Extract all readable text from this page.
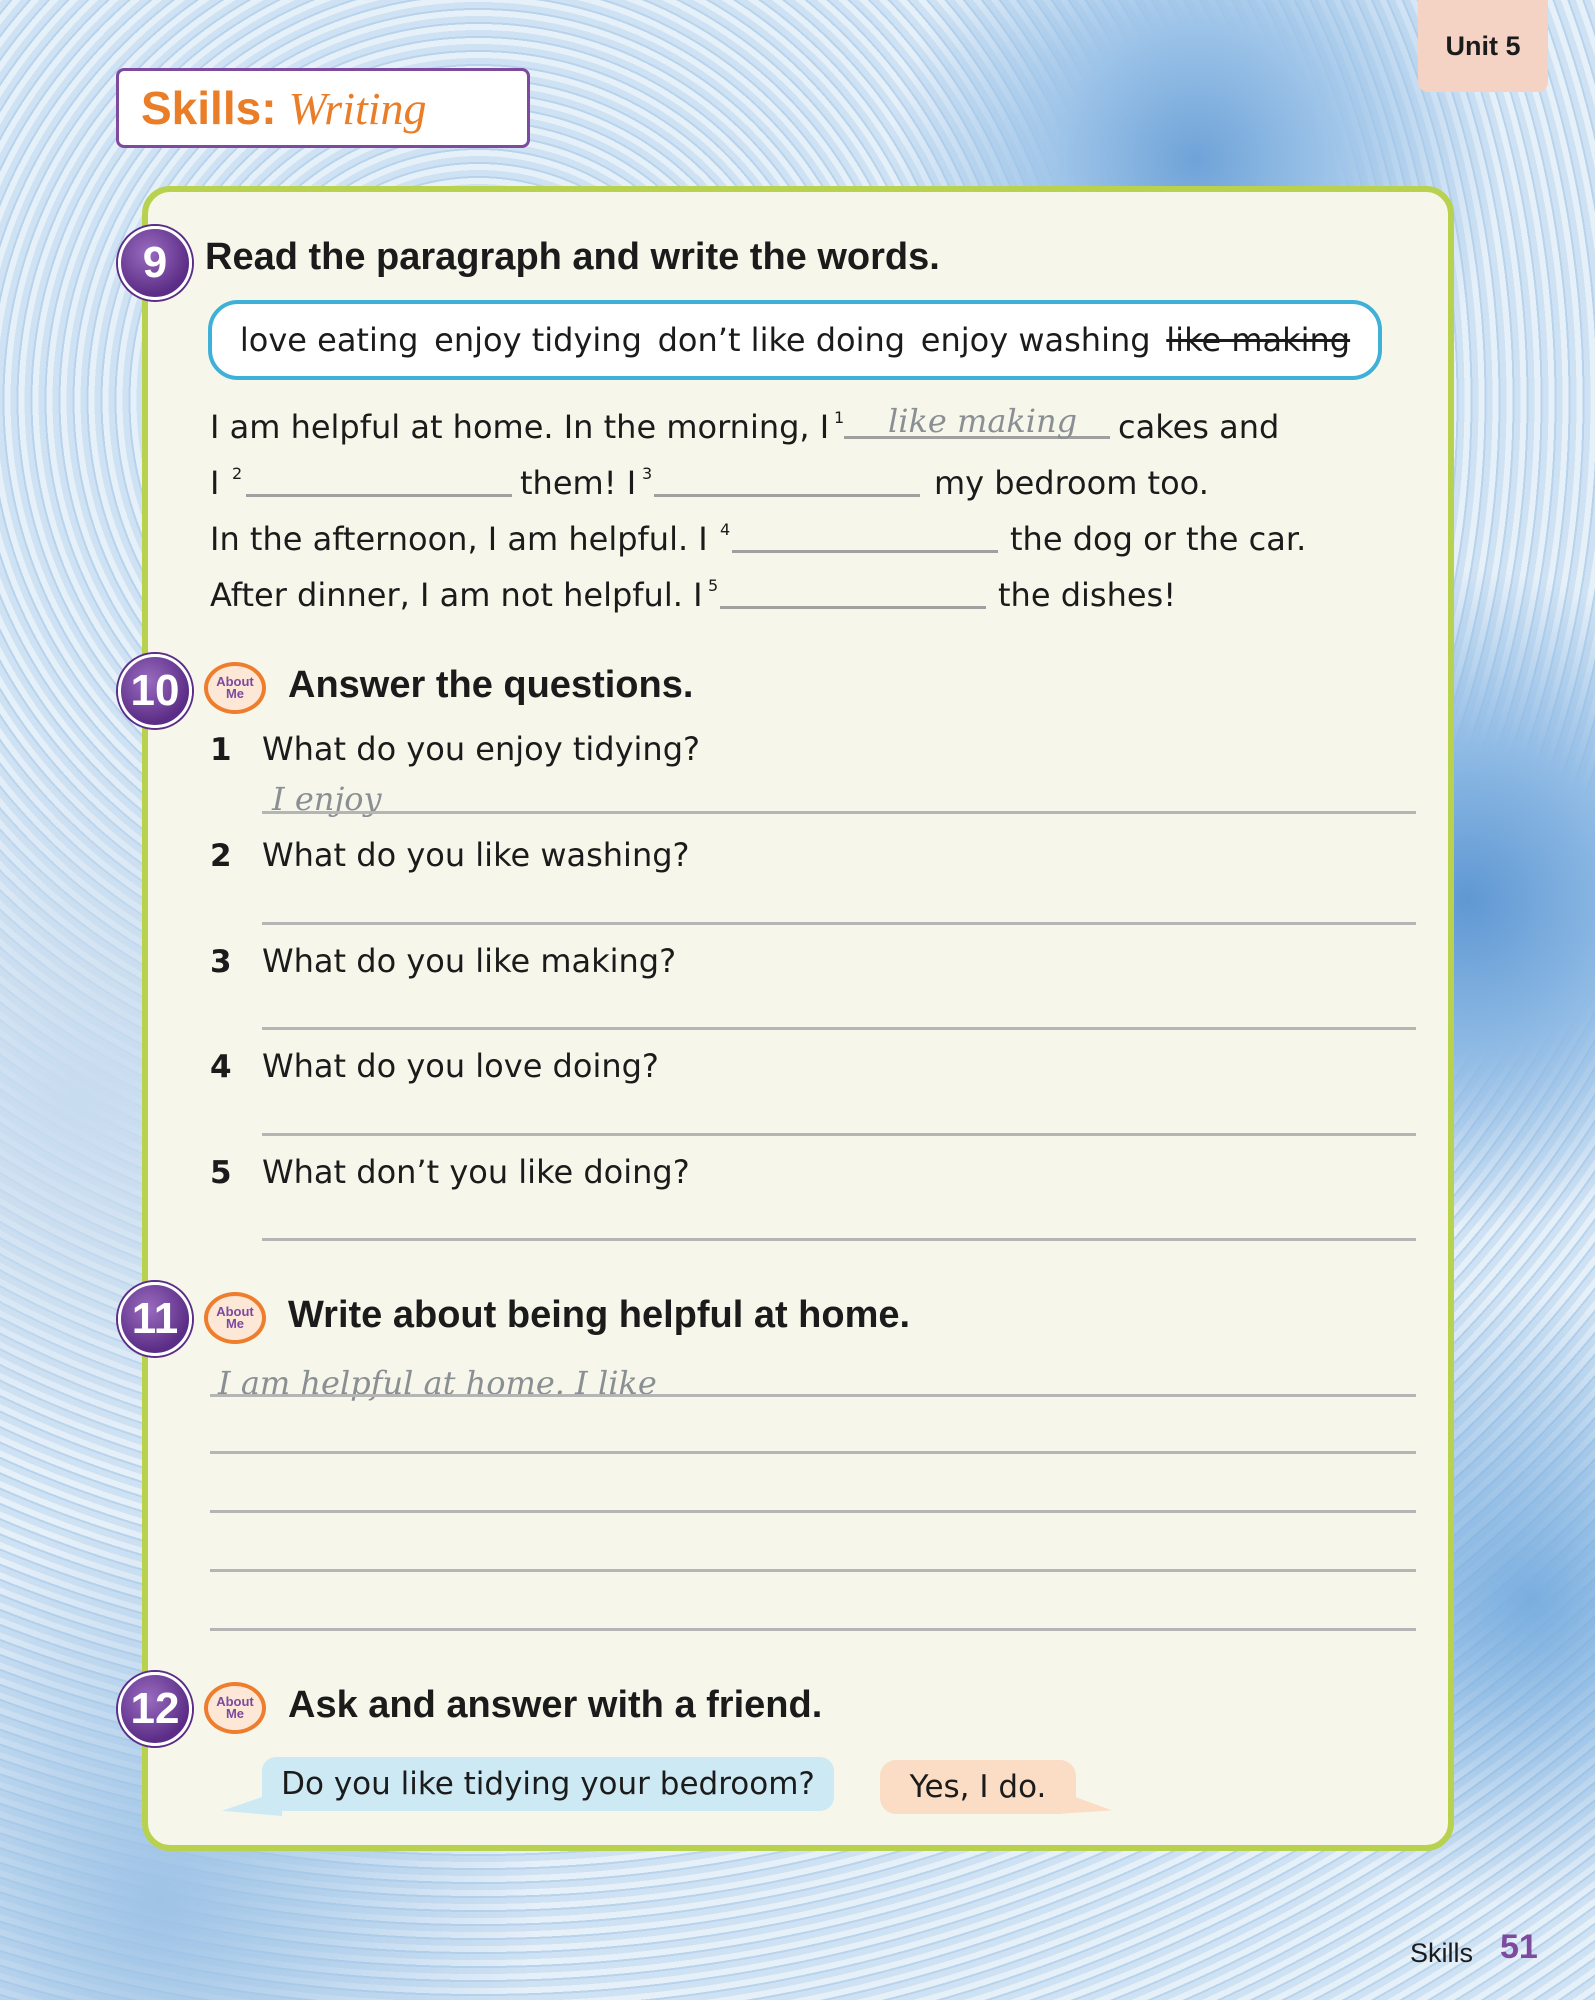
Unit 5
Skills: Writing
9 Read the paragraph and write the words.
love eating enjoy tidying don’t like doing enjoy washing like making
I am helpful at home. In the morning, I 1 like making cakes and
I 2	them! I 3	my bedroom too.
In the afternoon, I am helpful. I 4	the dog or the car.
After dinner, I am not helpful. I 5	the dishes!
10	About Me	Answer the questions.
1 What do you enjoy tidying?
I enjoy
2 What do you like washing?
3 What do you like making?
4 What do you love doing?
5 What don’t you like doing?
11	About Me	Write about being helpful at home.
I am helpful at home. I like
12	About Me	Ask and answer with a friend.
Do you like tidying your bedroom?	Yes, I do.
Skills 51
